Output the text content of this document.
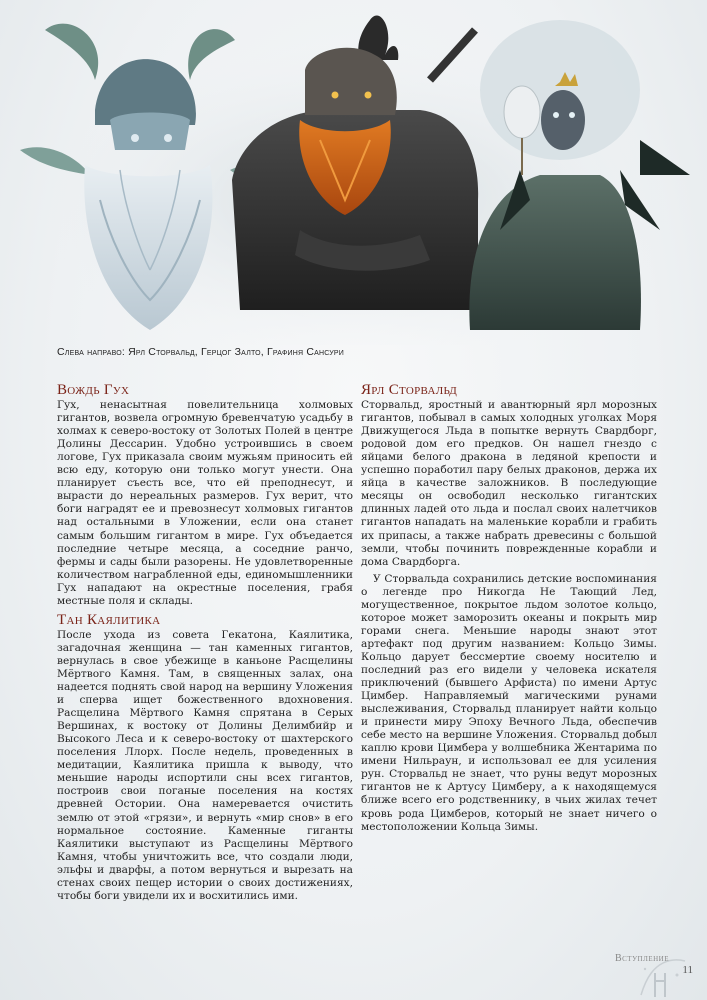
Слева направо: Ярл Сторвальд, Герцог Залто, Графиня Сансури
Вождь Гух

Гух, ненасытная повелительница холмовых гигантов, возвела огромную бревенчатую усадьбу в холмах к северо-востоку от Золотых Полей в центре Долины Дессарин. Удобно устроившись в своем логове, Гух приказала своим мужьям приносить ей всю еду, которую они только могут унести. Она планирует съесть все, что ей преподнесут, и вырасти до нереальных размеров. Гух верит, что боги наградят ее и превознесут холмовых гигантов над остальными в Уложении, если она станет самым большим гигантом в мире. Гух объедается последние четыре месяца, а соседние ранчо, фермы и сады были разорены. Не удовлетворенные количеством награбленной еды, единомышленники Гух нападают на окрестные поселения, грабя местные поля и склады.

Тан Каялитика

После ухода из совета Гекатона, Каялитика, загадочная женщина — тан каменных гигантов, вернулась в свое убежище в каньоне Расщелины Мёртвого Камня. Там, в священных залах, она надеется поднять свой народ на вершину Уложения и сперва ищет божественного вдохновения. Расщелина Мёртвого Камня спрятана в Серых Вершинах, к востоку от Долины Делимбийр и Высокого Леса и к северо-востоку от шахтерского поселения Ллорх. После недель, проведенных в медитации, Каялитика пришла к выводу, что меньшие народы испортили сны всех гигантов, построив свои поганые поселения на костях древней Остории. Она намеревается очистить землю от этой «грязи», и вернуть «мир снов» в его нормальное состояние. Каменные гиганты Каялитики выступают из Расщелины Мёртвого Камня, чтобы уничтожить все, что создали люди, эльфы и дварфы, а потом вернуться и вырезать на стенах своих пещер истории о своих достижениях, чтобы боги увидели их и восхитились ими.

Ярл Сторвальд

Сторвальд, яростный и авантюрный ярл морозных гигантов, побывал в самых холодных уголках Моря Движущегося Льда в попытке вернуть Свардборг, родовой дом его предков. Он нашел гнездо с яйцами белого дракона в ледяной крепости и успешно поработил пару белых драконов, держа их яйца в качестве заложников. В последующие месяцы он освободил несколько гигантских длинных ладей ото льда и послал своих налетчиков гигантов нападать на маленькие корабли и грабить их припасы, а также набрать древесины с большой земли, чтобы починить поврежденные корабли и дома Свардборга.

У Сторвальда сохранились детские воспоминания о легенде про Никогда Не Тающий Лед, могущественное, покрытое льдом золотое кольцо, которое может заморозить океаны и покрыть мир горами снега. Меньшие народы знают этот артефакт под другим названием: Кольцо Зимы. Кольцо дарует бессмертие своему носителю и последний раз его видели у человека искателя приключений (бывшего Арфиста) по имени Артус Цимбер. Направляемый магическими рунами выслеживания, Сторвальд планирует найти кольцо и принести миру Эпоху Вечного Льда, обеспечив себе место на вершине Уложения. Сторвальд добыл каплю крови Цимбера у волшебника Жентарима по имени Нильраун, и использовал ее для усиления рун. Сторвальд не знает, что руны ведут морозных гигантов не к Артусу Цимберу, а к находящемуся ближе всего его родственнику, в чьих жилах течет кровь рода Цимберов, который не знает ничего о местоположении Кольца Зимы.

Вступление
11
